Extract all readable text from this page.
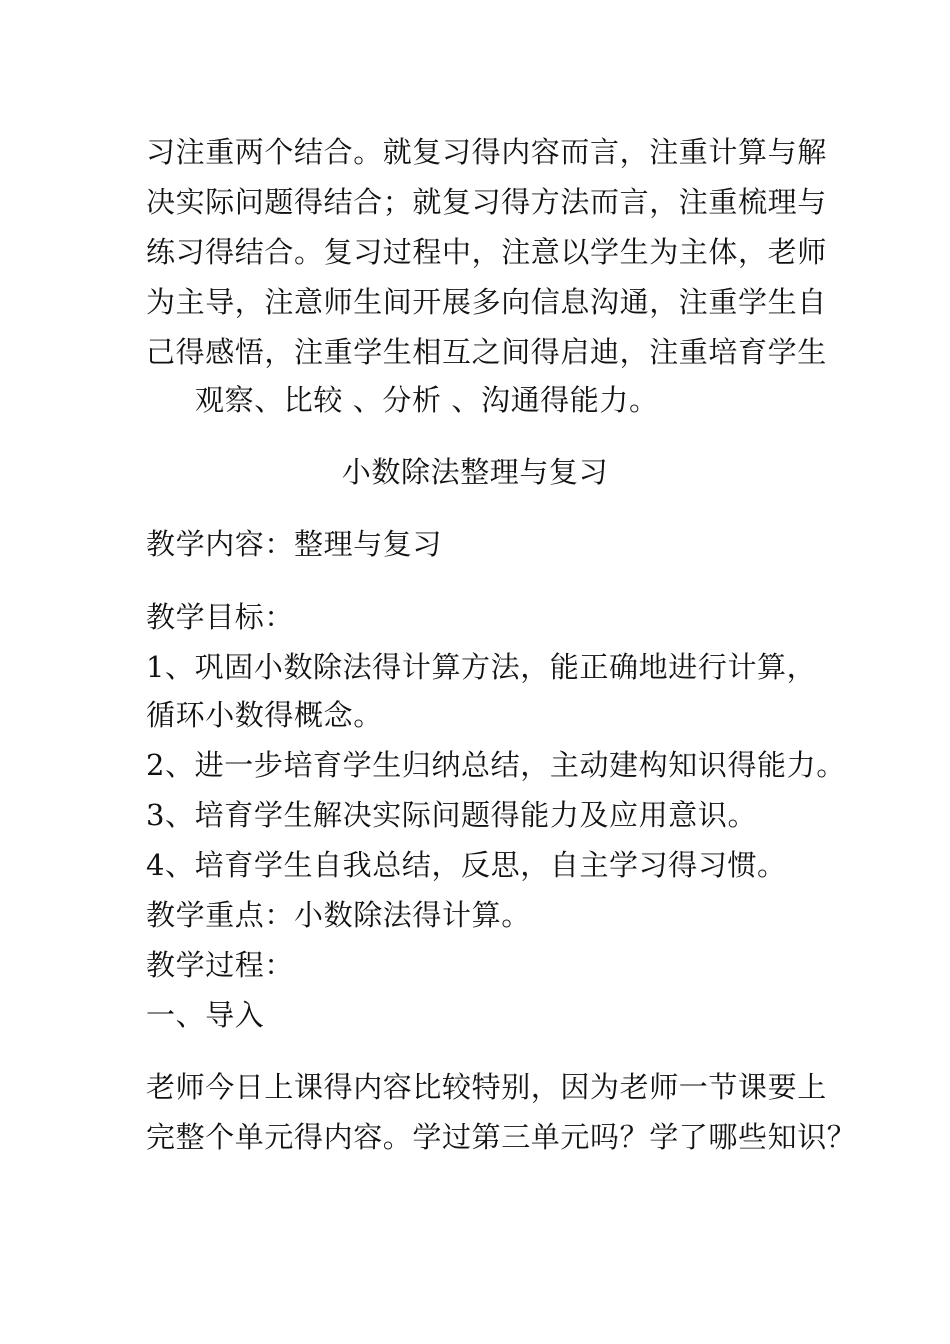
习注重两个结合。就复习得内容而言，注重计算与解
决实际问题得结合；就复习得方法而言，注重梳理与
练习得结合。复习过程中，注意以学生为主体，老师
为主导，注意师生间开展多向信息沟通，注重学生自
己得感悟，注重学生相互之间得启迪，注重培育学生
观察、比较 、分析 、沟通得能力。
小数除法整理与复习
教学内容：整理与复习
教学目标：
1、巩固小数除法得计算方法，能正确地进行计算，
循环小数得概念。
2、进一步培育学生归纳总结，主动建构知识得能力。
3、培育学生解决实际问题得能力及应用意识。
4、培育学生自我总结，反思，自主学习得习惯。
教学重点：小数除法得计算。
教学过程：
一、导入
老师今日上课得内容比较特别，因为老师一节课要上
完整个单元得内容。学过第三单元吗？学了哪些知识？
